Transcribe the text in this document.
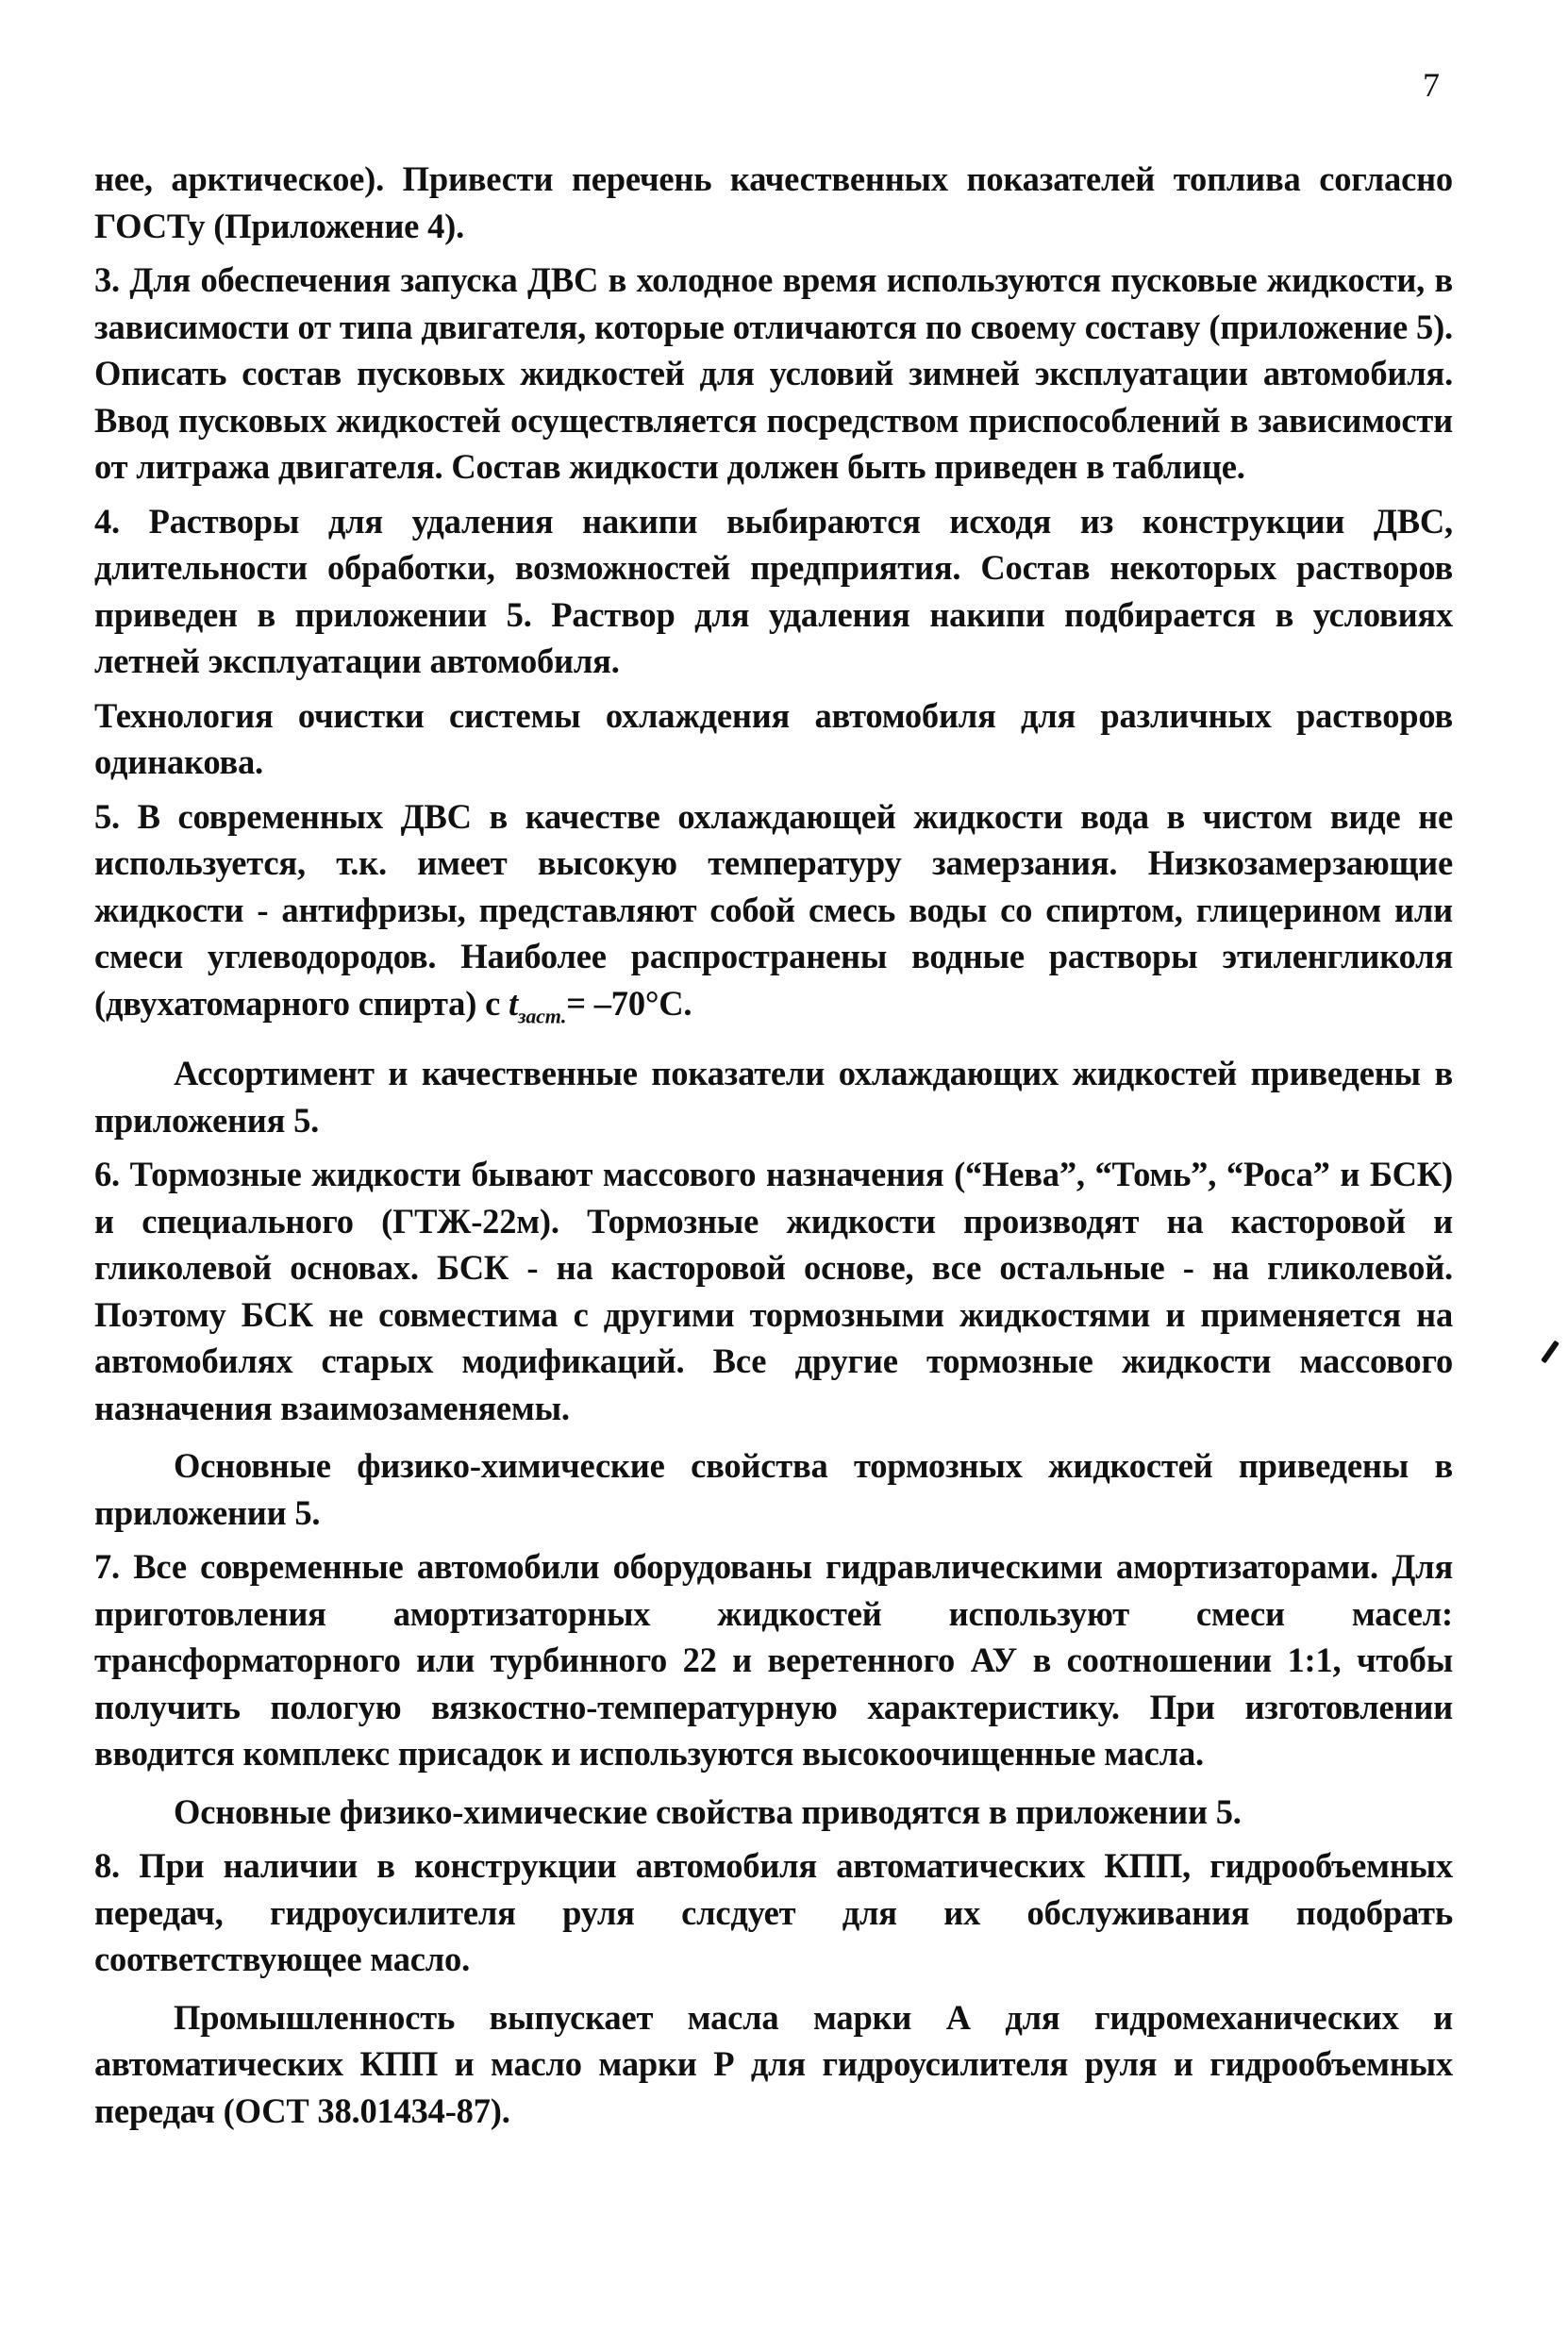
7

нее, арктическое). Привести перечень качественных показателей топлива согласно ГОСТу (Приложение 4).

3. Для обеспечения запуска ДВС в холодное время используются пусковые жидкости, в зависимости от типа двигателя, которые отличаются по своему составу (приложение 5). Описать состав пусковых жидкостей для условий зимней эксплуатации автомобиля. Ввод пусковых жидкостей осуществляется посредством приспособлений в зависимости от литража двигателя. Состав жидкости должен быть приведен в таблице.

4. Растворы для удаления накипи выбираются исходя из конструкции ДВС, длительности обработки, возможностей предприятия. Состав некоторых растворов приведен в приложении 5. Раствор для удаления накипи подбирается в условиях летней эксплуатации автомобиля.

Технология очистки системы охлаждения автомобиля для различных растворов одинакова.

5. В современных ДВС в качестве охлаждающей жидкости вода в чистом виде не используется, т.к. имеет высокую температуру замерзания. Низкозамерзающие жидкости - антифризы, представляют собой смесь воды со спиртом, глицерином или смеси углеводородов. Наиболее распространены водные растворы этиленгликоля (двухатомарного спирта) с $t_{заст.}= -70^\circ С$.

Ассортимент и качественные показатели охлаждающих жидкостей приведены в приложения 5.

6. Тормозные жидкости бывают массового назначения (“Нева”, “Томь”, “Роса” и БСК) и специального (ГТЖ-22м). Тормозные жидкости производят на касторовой и гликолевой основах. БСК - на касторовой основе, все остальные - на гликолевой. Поэтому БСК не совместима с другими тормозными жидкостями и применяется на автомобилях старых модификаций. Все другие тормозные жидкости массового назначения взаимозаменяемы.

Основные физико-химические свойства тормозных жидкостей приведены в приложении 5.

7. Все современные автомобили оборудованы гидравлическими амортизаторами. Для приготовления амортизаторных жидкостей используют смеси масел: трансформаторного или турбинного 22 и веретенного АУ в соотношении 1:1, чтобы получить пологую вязкостно-температурную характеристику. При изготовлении вводится комплекс присадок и используются высокоочищенные масла.

Основные физико-химические свойства приводятся в приложении 5.

8. При наличии в конструкции автомобиля автоматических КПП, гидрообъемных передач, гидроусилителя руля слсдует для их обслуживания подобрать соответствующее масло.

Промышленность выпускает масла марки А для гидромеханических и автоматических КПП и масло марки Р для гидроусилителя руля и гидрообъемных передач (ОСТ 38.01434-87).
